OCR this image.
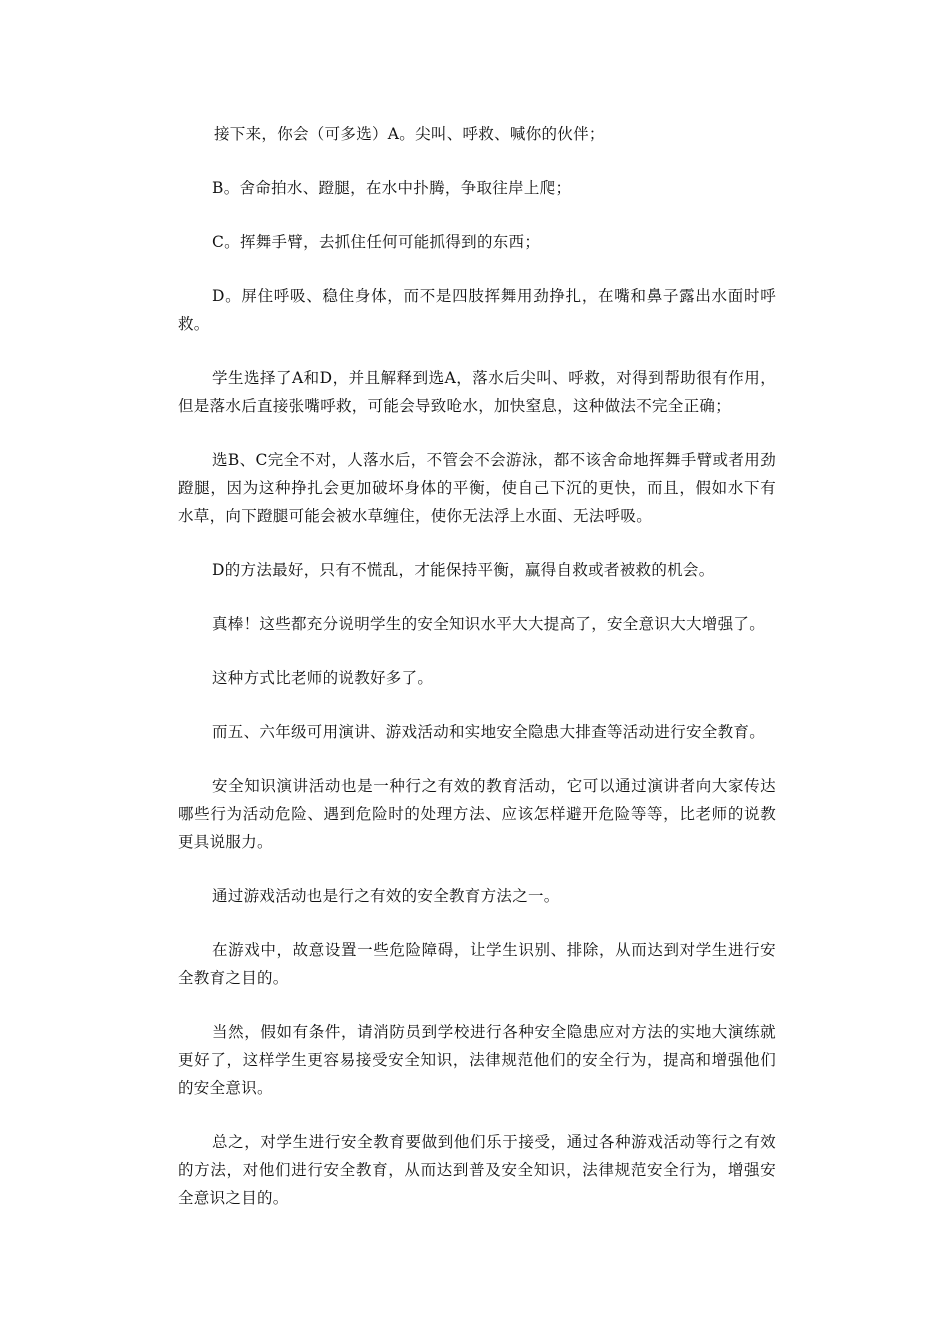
接下来，你会（可多选）A。尖叫、呼救、喊你的伙伴；

B。舍命拍水、蹬腿，在水中扑腾，争取往岸上爬；

C。挥舞手臂，去抓住任何可能抓得到的东西；

D。屏住呼吸、稳住身体，而不是四肢挥舞用劲挣扎，在嘴和鼻子露出水面时呼救。

学生选择了A和D，并且解释到选A，落水后尖叫、呼救，对得到帮助很有作用，但是落水后直接张嘴呼救，可能会导致呛水，加快窒息，这种做法不完全正确；

选B、C完全不对，人落水后，不管会不会游泳，都不该舍命地挥舞手臂或者用劲蹬腿，因为这种挣扎会更加破坏身体的平衡，使自己下沉的更快，而且，假如水下有水草，向下蹬腿可能会被水草缠住，使你无法浮上水面、无法呼吸。

D的方法最好，只有不慌乱，才能保持平衡，赢得自救或者被救的机会。

真棒！这些都充分说明学生的安全知识水平大大提高了，安全意识大大增强了。

这种方式比老师的说教好多了。

而五、六年级可用演讲、游戏活动和实地安全隐患大排查等活动进行安全教育。

安全知识演讲活动也是一种行之有效的教育活动，它可以通过演讲者向大家传达哪些行为活动危险、遇到危险时的处理方法、应该怎样避开危险等等，比老师的说教更具说服力。

通过游戏活动也是行之有效的安全教育方法之一。

在游戏中，故意设置一些危险障碍，让学生识别、排除，从而达到对学生进行安全教育之目的。

当然，假如有条件，请消防员到学校进行各种安全隐患应对方法的实地大演练就更好了，这样学生更容易接受安全知识，法律规范他们的安全行为，提高和增强他们的安全意识。

总之，对学生进行安全教育要做到他们乐于接受，通过各种游戏活动等行之有效的方法，对他们进行安全教育，从而达到普及安全知识，法律规范安全行为，增强安全意识之目的。
